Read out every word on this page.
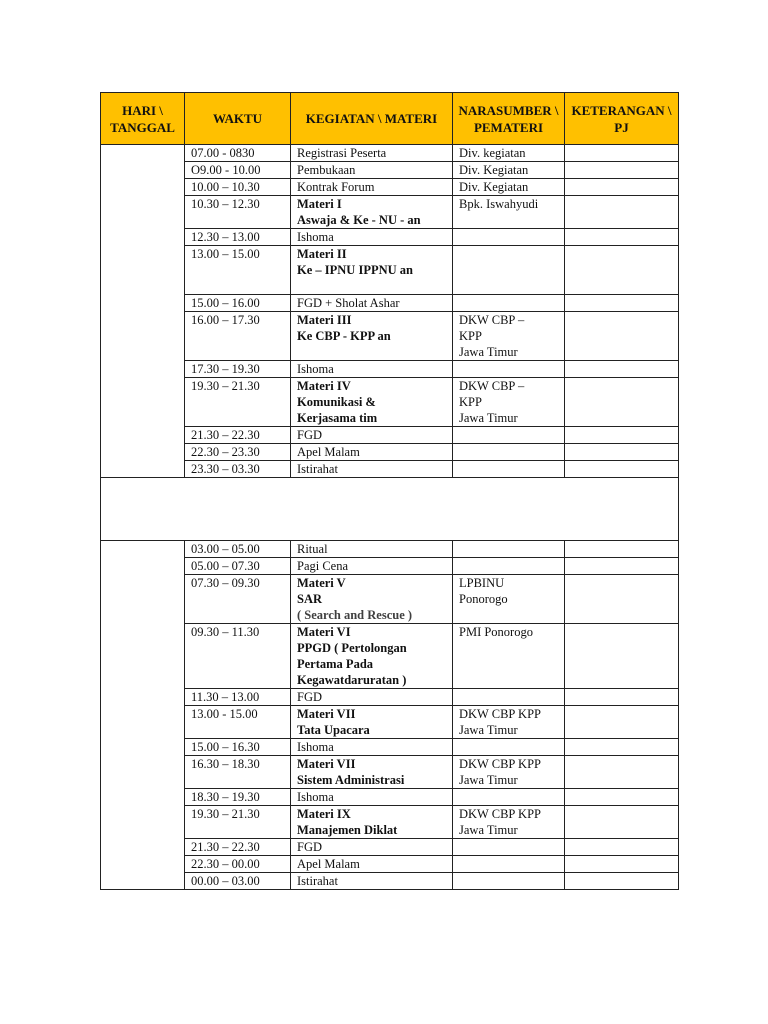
HARI \ TANGGAL	WAKTU	KEGIATAN \ MATERI	NARASUMBER \ PEMATERI	KETERANGAN \ PJ
	07.00 - 0830	Registrasi Peserta	Div. kegiatan	

	O9.00 - 10.00	Pembukaan	Div. Kegiatan	

	10.00 – 10.30	Kontrak Forum	Div. Kegiatan	

	10.30 – 12.30	Materi I
Aswaja & Ke - NU - an	Bpk. Iswahyudi	

	12.30 – 13.00	Ishoma		

	13.00 – 15.00	Materi II
Ke – IPNU IPPNU an		

	15.00 – 16.00	FGD + Sholat Ashar		

	16.00 – 17.30	Materi III
Ke CBP - KPP an	DKW CBP –
KPP
Jawa Timur	

	17.30 – 19.30	Ishoma		

	19.30 – 21.30	Materi IV
Komunikasi &
Kerjasama tim	DKW CBP –
KPP
Jawa Timur	

	21.30 – 22.30	FGD		

	22.30 – 23.30	Apel Malam		

	23.30 – 03.30	Istirahat		

	03.00 – 05.00	Ritual		

	05.00 – 07.30	Pagi Cena		

	07.30 – 09.30	Materi V
SAR
( Search and Rescue )	LPBINU
Ponorogo	

	09.30 – 11.30	Materi VI
PPGD ( Pertolongan
Pertama Pada
Kegawatdaruratan )	PMI Ponorogo	

	11.30 – 13.00	FGD		

	13.00 - 15.00	Materi VII
Tata Upacara	DKW CBP KPP
Jawa Timur	

	15.00 – 16.30	Ishoma		

	16.30 – 18.30	Materi VII
Sistem Administrasi	DKW CBP KPP
Jawa Timur	

	18.30 – 19.30	Ishoma		

	19.30 – 21.30	Materi IX
Manajemen Diklat	DKW CBP KPP
Jawa Timur	

	21.30 – 22.30	FGD		

	22.30 – 00.00	Apel Malam		

	00.00 – 03.00	Istirahat		
